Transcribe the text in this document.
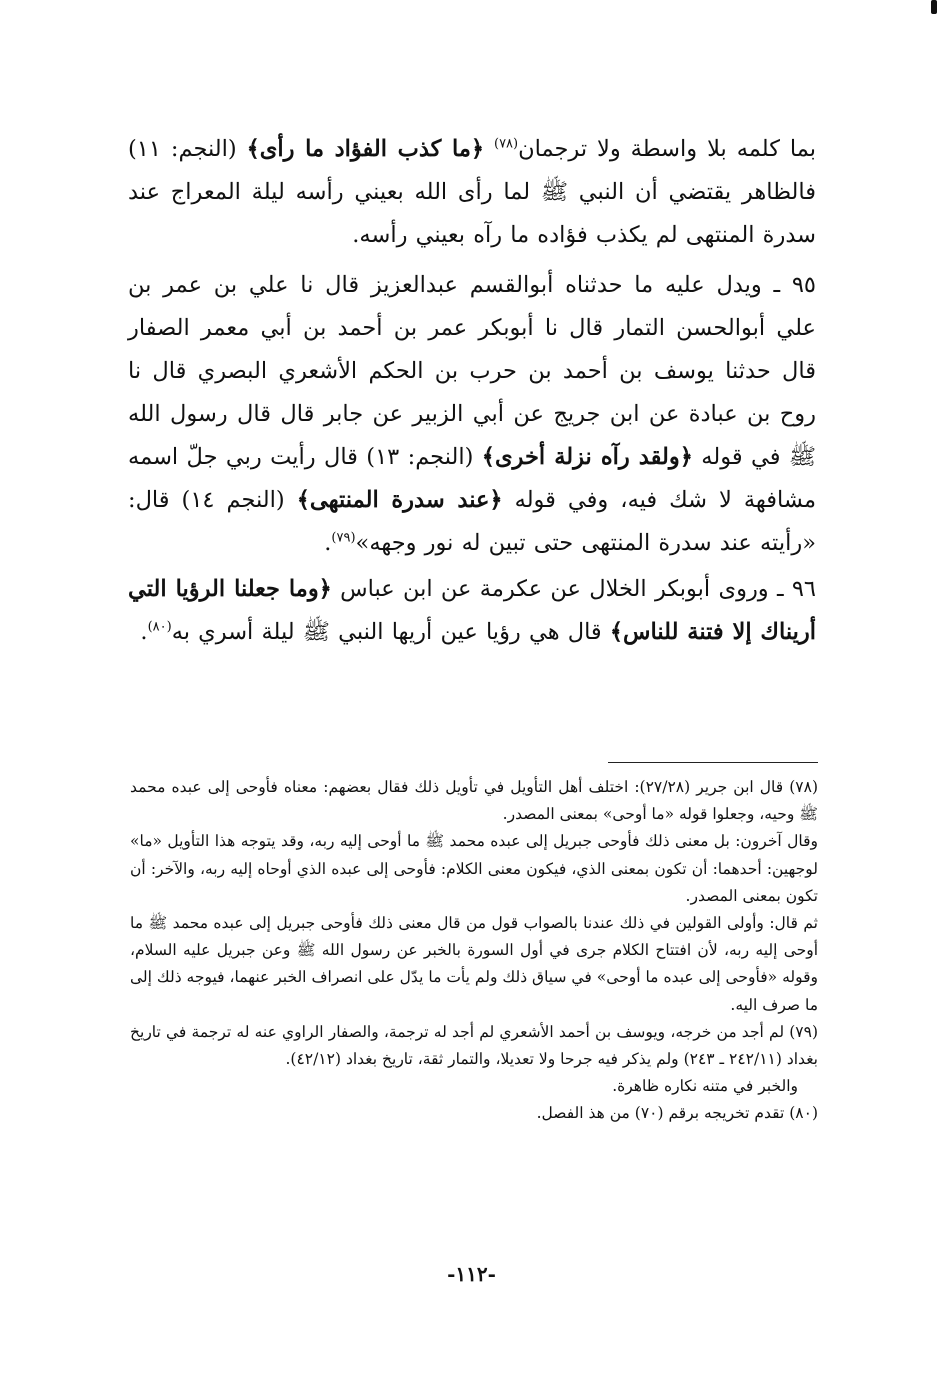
بما كلمه بلا واسطة ولا ترجمان$^{(٧٨)}$ ﴿ما كذب الفؤاد ما رأى﴾ (النجم: ١١) فالظاهر يقتضي أن النبي ﷺ لما رأى الله بعيني رأسه ليلة المعراج عند سدرة المنتهى لم يكذب فؤاده ما رآه بعيني رأسه.

٩٥ ـ ويدل عليه ما حدثناه أبوالقسم عبدالعزيز قال نا علي بن عمر بن علي أبوالحسن التمار قال نا أبوبكر عمر بن أحمد بن أبي معمر الصفار قال حدثنا يوسف بن أحمد بن حرب بن الحكم الأشعري البصري قال نا روح بن عبادة عن ابن جريج عن أبي الزبير عن جابر قال قال رسول الله ﷺ في قوله ﴿ولقد رآه نزلة أخرى﴾ (النجم: ١٣) قال رأيت ربي جلّ اسمه مشافهة لا شك فيه، وفي قوله ﴿عند سدرة المنتهى﴾ (النجم ١٤) قال: «رأيته عند سدرة المنتهى حتى تبين له نور وجهه»$^{(٧٩)}$.

٩٦ ـ وروى أبوبكر الخلال عن عكرمة عن ابن عباس ﴿وما جعلنا الرؤيا التي أريناك إلا فتنة للناس﴾ قال هي رؤيا عين أريها النبي ﷺ ليلة أسري به$^{(٨٠)}$.

(٧٨) قال ابن جرير (٢٧/٢٨): اختلف أهل التأويل في تأويل ذلك فقال بعضهم: معناه فأوحى إلى عبده محمد ﷺ وحيه، وجعلوا قوله «ما أوحى» بمعنى المصدر.

وقال آخرون: بل معنى ذلك فأوحى جبريل إلى عبده محمد ﷺ ما أوحى إليه ربه، وقد يتوجه هذا التأويل «ما» لوجهين: أحدهما: أن تكون بمعنى الذي، فيكون معنى الكلام: فأوحى إلى عبده الذي أوحاه إليه ربه، والآخر: أن تكون بمعنى المصدر.

ثم قال: وأولى القولين في ذلك عندنا بالصواب قول من قال معنى ذلك فأوحى جبريل إلى عبده محمد ﷺ ما أوحى إليه ربه، لأن افتتاح الكلام جرى في أول السورة بالخبر عن رسول الله ﷺ وعن جبريل عليه السلام، وقوله «فأوحى إلى عبده ما أوحى» في سياق ذلك ولم يأت ما يدّل على انصراف الخبر عنهما، فيوجه ذلك إلى ما صرف اليه.

(٧٩) لم أجد من خرجه، ويوسف بن أحمد الأشعري لم أجد له ترجمة، والصفار الراوي عنه له ترجمة في تاريخ بغداد (٢٤٢/١١ ـ ٢٤٣) ولم يذكر فيه جرحا ولا تعديلا، والتمار ثقة، تاريخ بغداد (٤٢/١٢).

والخبر في متنه نكاره ظاهرة.

(٨٠) تقدم تخريجه برقم (٧٠) من هذ الفصل.

-١١٢-
